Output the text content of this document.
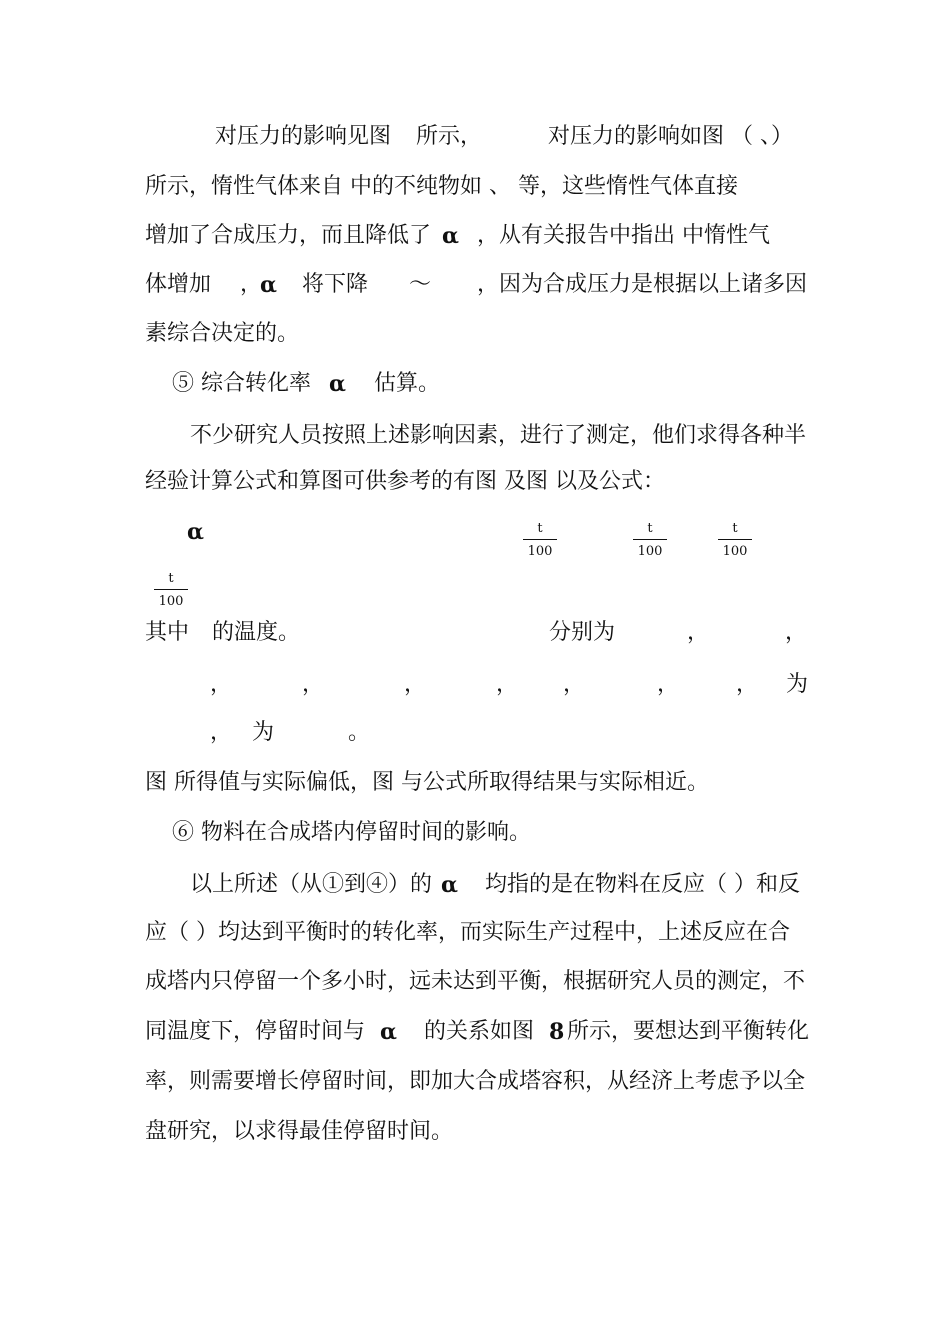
对压力的影响见图 所示，	对压力的影响如图 （ 、）
所示，惰性气体来自 中的不纯物如 、 等，这些惰性气体直接
增加了合成压力，而且降低了 ，从有关报告中指出 中惰性气
体增加 ， 将下降 ～ ，因为合成压力是根据以上诸多因
素综合决定的。
⑤ 综合转化率	估算。
不少研究人员按照上述影响因素，进行了测定，他们求得各种半
经验计算公式和算图可供参考的有图 及图 以及公式：
其中 的温度。	分别为	，	，
，	，	，	， ，	，	， 为
， 为	。
图 所得值与实际偏低，图 与公式所取得结果与实际相近。
⑥ 物料在合成塔内停留时间的影响。
以上所述（从①到④）的 均指的是在物料在反应（ ）和反
应（ ）均达到平衡时的转化率，而实际生产过程中，上述反应在合
成塔内只停留一个多小时，远未达到平衡，根据研究人员的测定，不
同温度下，停留时间与	的关系如图 8 所示，要想达到平衡转化
率，则需要增长停留时间，即加大合成塔容积，从经济上考虑予以全
盘研究，以求得最佳停留时间。
α
α
α
α
α
α
$\frac{t}{100}$	$\frac{t}{100}$	$\frac{t}{100}$
$\frac{t}{100}$
